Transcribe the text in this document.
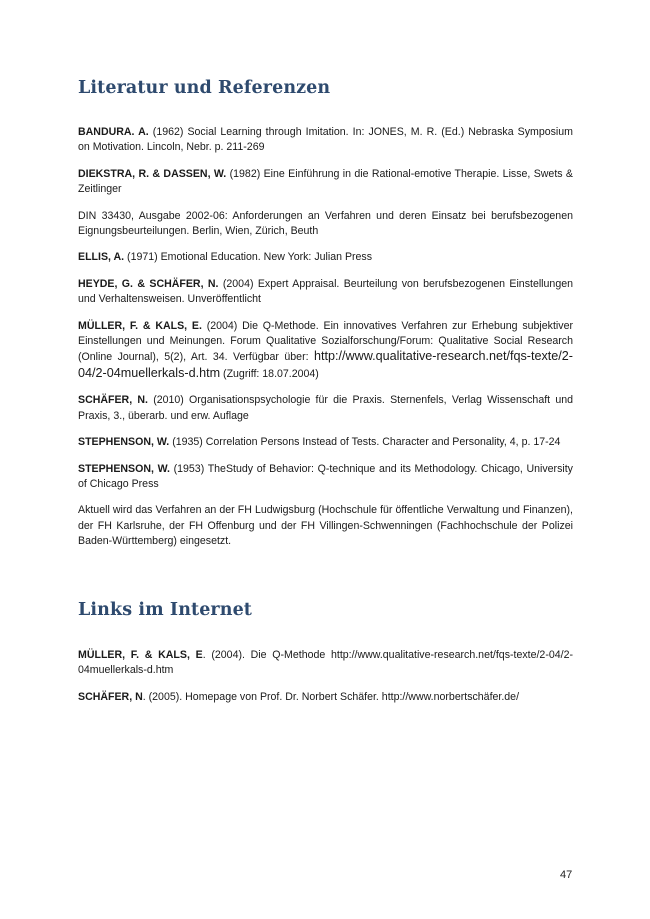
Literatur und Referenzen

BANDURA. A. (1962) Social Learning through Imitation. In: JONES, M. R. (Ed.) Nebraska Symposium on Motivation. Lincoln, Nebr. p. 211-269

DIEKSTRA, R. & DASSEN, W. (1982) Eine Einführung in die Rational-emotive Therapie. Lisse, Swets & Zeitlinger

DIN 33430, Ausgabe 2002-06: Anforderungen an Verfahren und deren Einsatz bei berufsbezogenen Eignungsbeurteilungen. Berlin, Wien, Zürich, Beuth

ELLIS, A. (1971) Emotional Education. New York: Julian Press

HEYDE, G. & SCHÄFER, N. (2004) Expert Appraisal. Beurteilung von berufsbezogenen Einstellungen und Verhaltensweisen. Unveröffentlicht

MÜLLER, F. & KALS, E. (2004) Die Q-Methode. Ein innovatives Verfahren zur Erhebung subjektiver Einstellungen und Meinungen. Forum Qualitative Sozialforschung/Forum: Qualitative Social Research (Online Journal), 5(2), Art. 34. Verfügbar über: http://www.qualitative-research.net/fqs-texte/2-04/2-04muellerkals-d.htm (Zugriff: 18.07.2004)

SCHÄFER, N. (2010) Organisationspsychologie für die Praxis. Sternenfels, Verlag Wissenschaft und Praxis, 3., überarb. und erw. Auflage

STEPHENSON, W. (1935) Correlation Persons Instead of Tests. Character and Personality, 4, p. 17-24

STEPHENSON, W. (1953) TheStudy of Behavior: Q-technique and its Methodology. Chicago, University of Chicago Press

Aktuell wird das Verfahren an der FH Ludwigsburg (Hochschule für öffentliche Verwaltung und Finanzen), der FH Karlsruhe, der FH Offenburg und der FH Villingen-Schwenningen (Fachhochschule der Polizei Baden-Württemberg) eingesetzt.

Links im Internet

MÜLLER, F. & KALS, E. (2004). Die Q-Methode http://www.qualitative-research.net/fqs-texte/2-04/2-04muellerkals-d.htm

SCHÄFER, N. (2005). Homepage von Prof. Dr. Norbert Schäfer. http://www.norbertschäfer.de/

47
